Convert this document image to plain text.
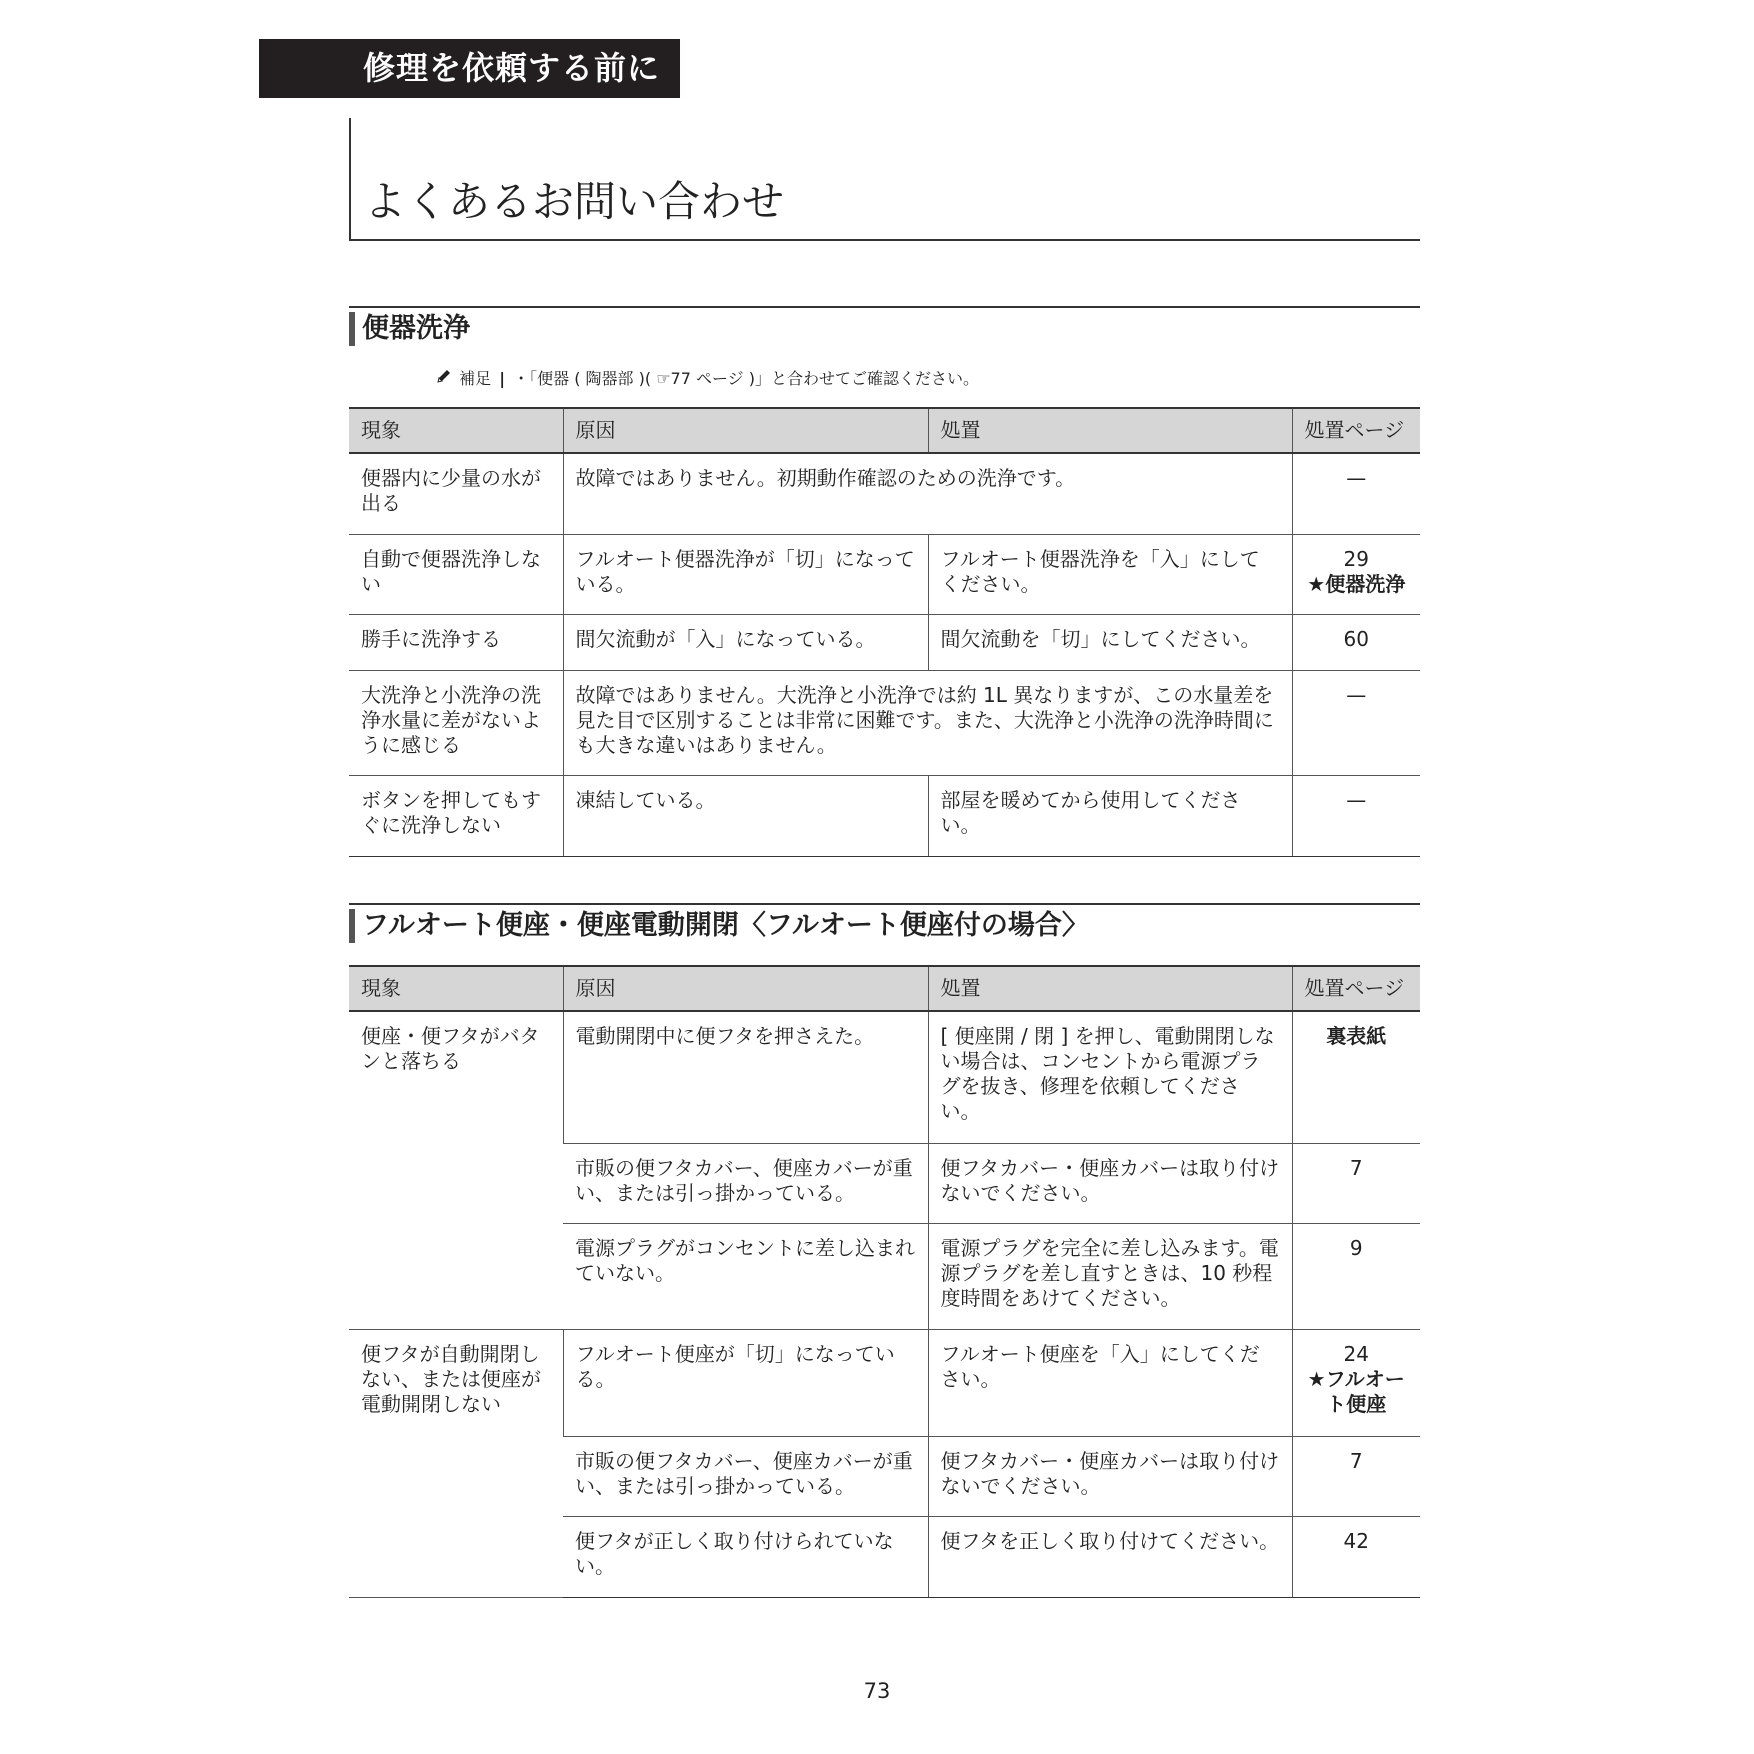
修理を依頼する前に
よくあるお問い合わせ
便器洗浄
補足 | ・「便器 ( 陶器部 )( ☞77 ページ )」と合わせてご確認ください。
現象	原因	処置	処置ページ
便器内に少量の水が出る	故障ではありません。初期動作確認のための洗浄です。		—
自動で便器洗浄しない	フルオート便器洗浄が「切」になっている。	フルオート便器洗浄を「入」にしてください。	29
★便器洗浄

勝手に洗浄する	間欠流動が「入」になっている。	間欠流動を「切」にしてください。	60
大洗浄と小洗浄の洗浄水量に差がないように感じる	故障ではありません。大洗浄と小洗浄では約 1L 異なりますが、この水量差を見た目で区別することは非常に困難です。また、大洗浄と小洗浄の洗浄時間にも大きな違いはありません。		—
ボタンを押してもすぐに洗浄しない	凍結している。	部屋を暖めてから使用してください。	—
フルオート便座・便座電動開閉〈フルオート便座付の場合〉
現象	原因	処置	処置ページ
便座・便フタがバタンと落ちる	電動開閉中に便フタを押さえた。	[ 便座開 / 閉 ] を押し、電動開閉しない場合は、コンセントから電源プラグを抜き、修理を依頼してください。	裏表紙
	市販の便フタカバー、便座カバーが重い、または引っ掛かっている。	便フタカバー・便座カバーは取り付けないでください。	7
	電源プラグがコンセントに差し込まれていない。	電源プラグを完全に差し込みます。電源プラグを差し直すときは、10 秒程度時間をあけてください。	9
便フタが自動開閉しない、または便座が電動開閉しない	フルオート便座が「切」になっている。	フルオート便座を「入」にしてください。	24
★フルオート便座

	市販の便フタカバー、便座カバーが重い、または引っ掛かっている。	便フタカバー・便座カバーは取り付けないでください。	7
	便フタが正しく取り付けられていない。	便フタを正しく取り付けてください。	42
73
